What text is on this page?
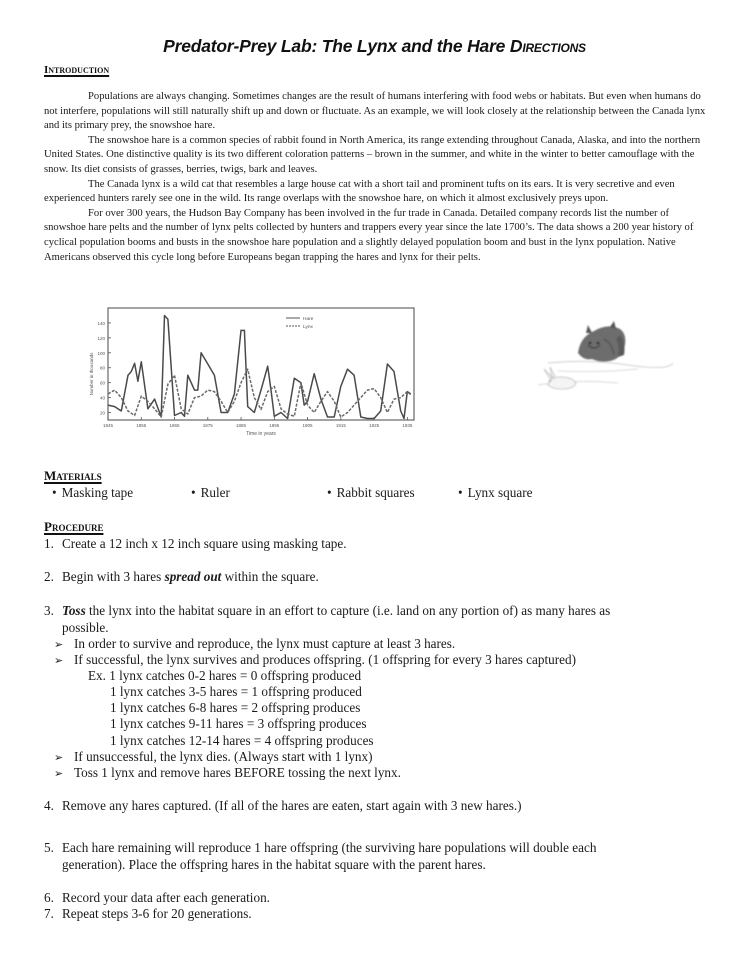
Predator-Prey Lab: The Lynx and the Hare Directions
Introduction

Populations are always changing. Sometimes changes are the result of humans interfering with food webs or habitats. But even when humans do not interfere, populations will still naturally shift up and down or fluctuate. As an example, we will look closely at the relationship between the Canada lynx and its primary prey, the snowshoe hare.

The snowshoe hare is a common species of rabbit found in North America, its range extending throughout Canada, Alaska, and into the northern United States. One distinctive quality is its two different coloration patterns – brown in the summer, and white in the winter to better camouflage with the snow. Its diet consists of grasses, berries, twigs, bark and leaves.

The Canada lynx is a wild cat that resembles a large house cat with a short tail and prominent tufts on its ears. It is very secretive and even experienced hunters rarely see one in the wild. Its range overlaps with the snowshoe hare, on which it almost exclusively preys upon.

For over 300 years, the Hudson Bay Company has been involved in the fur trade in Canada. Detailed company records list the number of snowshoe hare pelts and the number of lynx pelts collected by hunters and trappers every year since the late 1700’s. The data shows a 200 year history of cyclical population booms and busts in the snowshoe hare population and a slightly delayed population boom and bust in the lynx population. Native Americans observed this cycle long before Europeans began trapping the hares and lynx for their pelts.

20
40
60
80
100
120
140
1845	1855	1865	1875	1885	1895	1905	1915	1925	1935
Hare
Lynx
Time in years
Number in thousands
Materials
• Masking tape	• Ruler	• Rabbit squares	• Lynx square
Procedure
1. Create a 12 inch x 12 inch square using masking tape.
2. Begin with 3 hares spread out within the square.
3. Toss the lynx into the habitat square in an effort to capture (i.e. land on any portion of) as many hares as
possible.
➢ In order to survive and reproduce, the lynx must capture at least 3 hares.
➢ If successful, the lynx survives and produces offspring. (1 offspring for every 3 hares captured)
Ex. 1 lynx catches 0-2 hares = 0 offspring produced
1 lynx catches 3-5 hares = 1 offspring produced
1 lynx catches 6-8 hares = 2 offspring produces
1 lynx catches 9-11 hares = 3 offspring produces
1 lynx catches 12-14 hares = 4 offspring produces
➢ If unsuccessful, the lynx dies. (Always start with 1 lynx)
➢ Toss 1 lynx and remove hares BEFORE tossing the next lynx.
4. Remove any hares captured. (If all of the hares are eaten, start again with 3 new hares.)
5. Each hare remaining will reproduce 1 hare offspring (the surviving hare populations will double each
generation). Place the offspring hares in the habitat square with the parent hares.
6. Record your data after each generation.
7. Repeat steps 3-6 for 20 generations.
